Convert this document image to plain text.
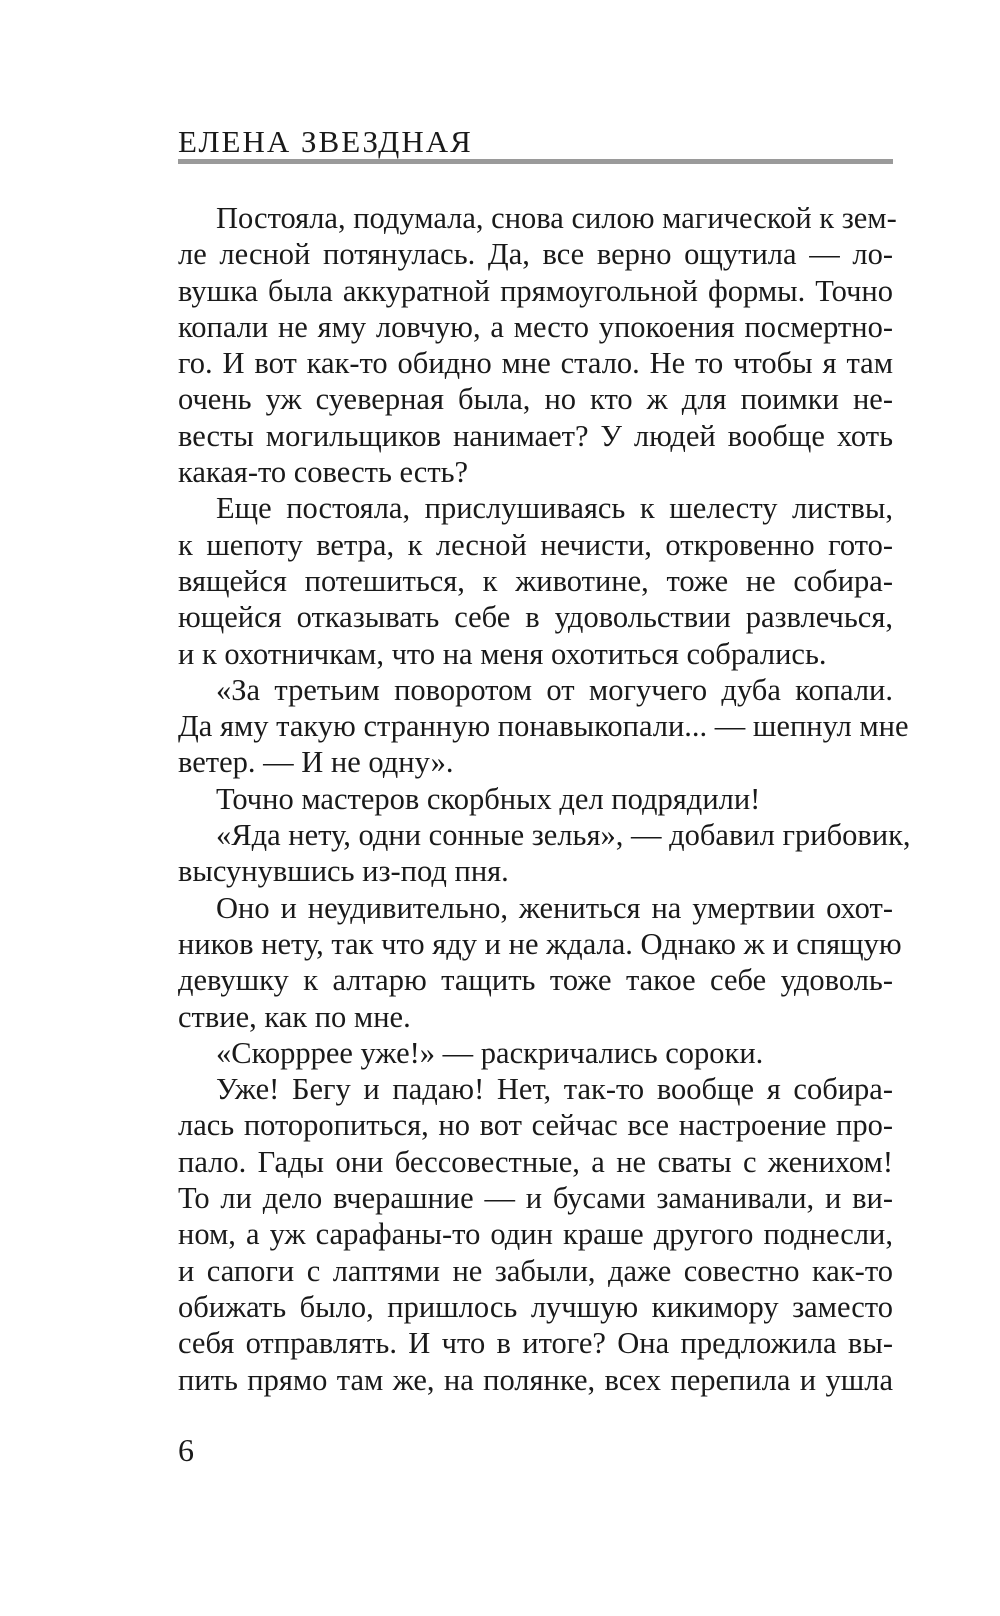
ЕЛЕНА ЗВЕЗДНАЯ
Постояла, подумала, снова силою магической к зем-
ле лесной потянулась. Да, все верно ощутила — ло-
вушка была аккуратной прямоугольной формы. Точно
копали не яму ловчую, а место упокоения посмертно-
го. И вот как-то обидно мне стало. Не то чтобы я там
очень уж суеверная была, но кто ж для поимки не-
весты могильщиков нанимает? У людей вообще хоть
какая-то совесть есть?
Еще постояла, прислушиваясь к шелесту листвы,
к шепоту ветра, к лесной нечисти, откровенно гото-
вящейся потешиться, к животине, тоже не собира-
ющейся отказывать себе в удовольствии развлечься,
и к охотничкам, что на меня охотиться собрались.
«За третьим поворотом от могучего дуба копали.
Да яму такую странную понавыкопали... — шепнул мне
ветер. — И не одну».
Точно мастеров скорбных дел подрядили!
«Яда нету, одни сонные зелья», — добавил грибовик,
высунувшись из-под пня.
Оно и неудивительно, жениться на умертвии охот-
ников нету, так что яду и не ждала. Однако ж и спящую
девушку к алтарю тащить тоже такое себе удоволь-
ствие, как по мне.
«Скорррее уже!» — раскричались сороки.
Уже! Бегу и падаю! Нет, так-то вообще я собира-
лась поторопиться, но вот сейчас все настроение про-
пало. Гады они бессовестные, а не сваты с женихом!
То ли дело вчерашние — и бусами заманивали, и ви-
ном, а уж сарафаны-то один краше другого поднесли,
и сапоги с лаптями не забыли, даже совестно как-то
обижать было, пришлось лучшую кикимору заместо
себя отправлять. И что в итоге? Она предложила вы-
пить прямо там же, на полянке, всех перепила и ушла
6
